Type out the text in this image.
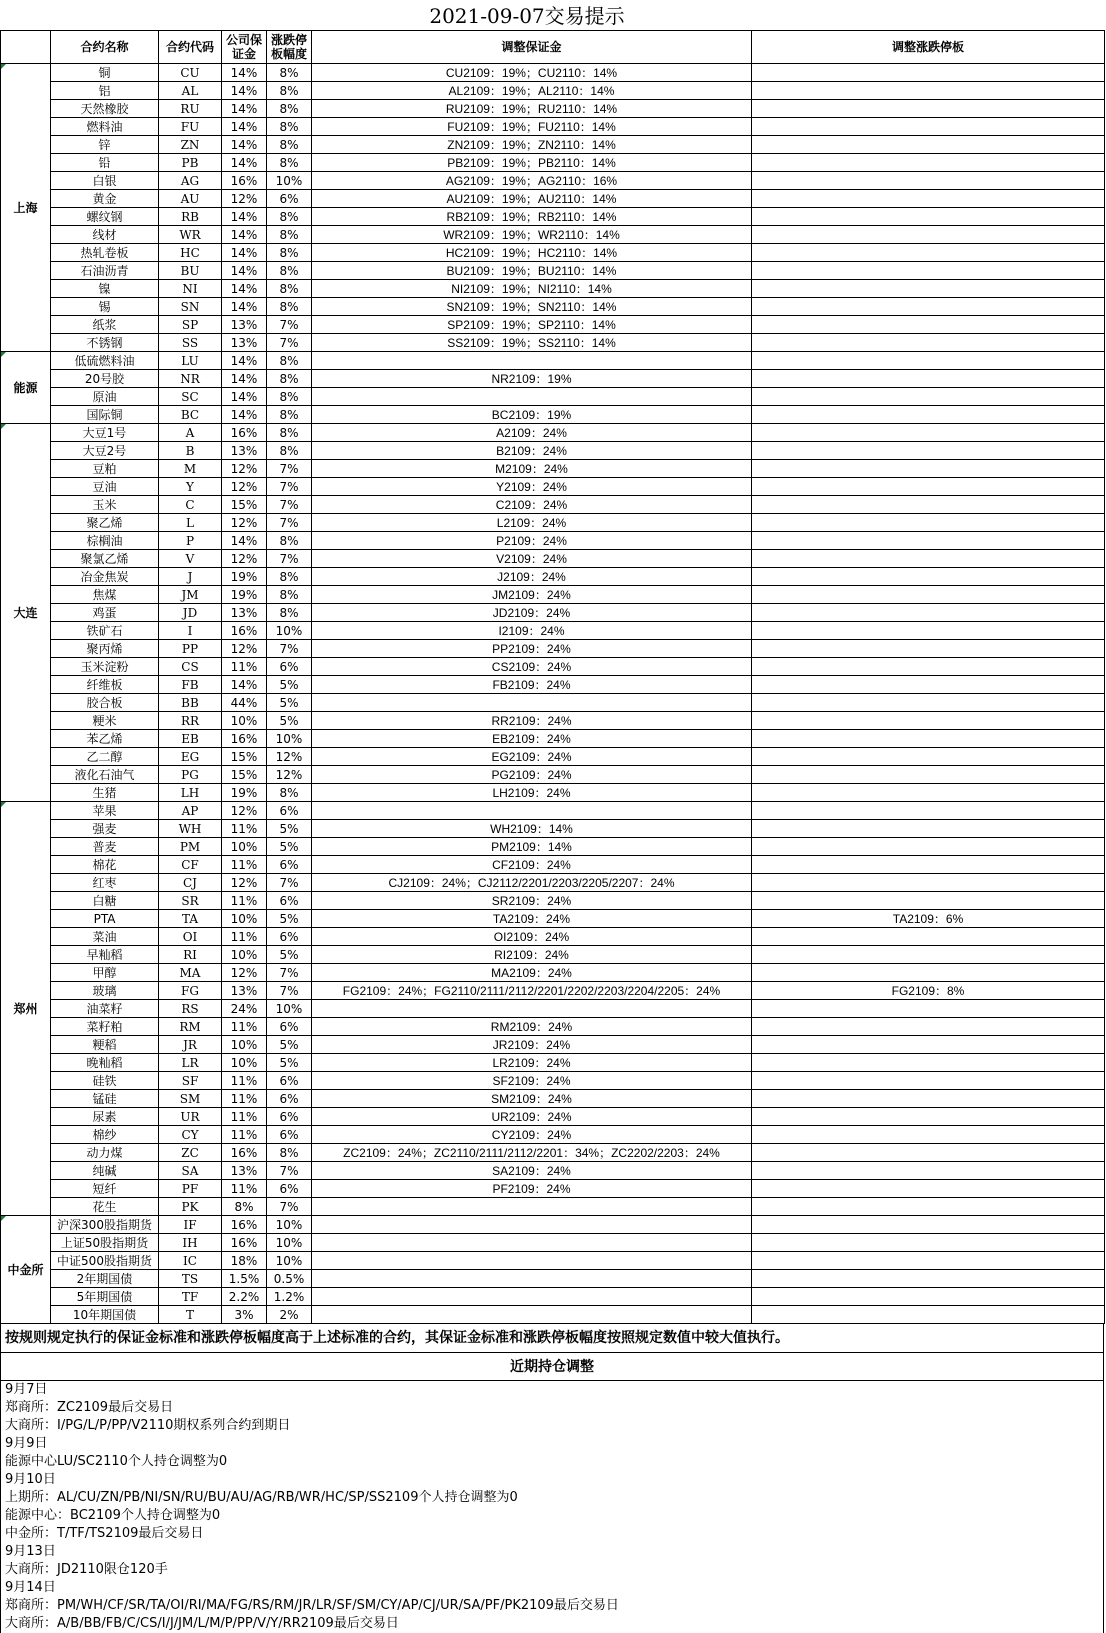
2021-09-07交易提示
	合约名称	合约代码	公司保证金	涨跌停板幅度	调整保证金	调整涨跌停板

上海	铜	CU	14%	8%	CU2109：19%；CU2110：14%	
	铝	AL	14%	8%	AL2109：19%；AL2110：14%	
	天然橡胶	RU	14%	8%	RU2109：19%；RU2110：14%	
	燃料油	FU	14%	8%	FU2109：19%；FU2110：14%	
	锌	ZN	14%	8%	ZN2109：19%；ZN2110：14%	
	铅	PB	14%	8%	PB2109：19%；PB2110：14%	
	白银	AG	16%	10%	AG2109：19%；AG2110：16%	
	黄金	AU	12%	6%	AU2109：19%；AU2110：14%	
	螺纹钢	RB	14%	8%	RB2109：19%；RB2110：14%	
	线材	WR	14%	8%	WR2109：19%；WR2110：14%	
	热轧卷板	HC	14%	8%	HC2109：19%；HC2110：14%	
	石油沥青	BU	14%	8%	BU2109：19%；BU2110：14%	
	镍	NI	14%	8%	NI2109：19%；NI2110：14%	
	锡	SN	14%	8%	SN2109：19%；SN2110：14%	
	纸浆	SP	13%	7%	SP2109：19%；SP2110：14%	
	不锈钢	SS	13%	7%	SS2109：19%；SS2110：14%	

能源	低硫燃料油	LU	14%	8%		
	20号胶	NR	14%	8%	NR2109：19%	
	原油	SC	14%	8%		
	国际铜	BC	14%	8%	BC2109：19%	

大连	大豆1号	A	16%	8%	A2109：24%	
	大豆2号	B	13%	8%	B2109：24%	
	豆粕	M	12%	7%	M2109：24%	
	豆油	Y	12%	7%	Y2109：24%	
	玉米	C	15%	7%	C2109：24%	
	聚乙烯	L	12%	7%	L2109：24%	
	棕榈油	P	14%	8%	P2109：24%	
	聚氯乙烯	V	12%	7%	V2109：24%	
	冶金焦炭	J	19%	8%	J2109：24%	
	焦煤	JM	19%	8%	JM2109：24%	
	鸡蛋	JD	13%	8%	JD2109：24%	
	铁矿石	I	16%	10%	I2109：24%	
	聚丙烯	PP	12%	7%	PP2109：24%	
	玉米淀粉	CS	11%	6%	CS2109：24%	
	纤维板	FB	14%	5%	FB2109：24%	
	胶合板	BB	44%	5%		
	粳米	RR	10%	5%	RR2109：24%	
	苯乙烯	EB	16%	10%	EB2109：24%	
	乙二醇	EG	15%	12%	EG2109：24%	
	液化石油气	PG	15%	12%	PG2109：24%	
	生猪	LH	19%	8%	LH2109：24%	

郑州	苹果	AP	12%	6%		
	强麦	WH	11%	5%	WH2109：14%	
	普麦	PM	10%	5%	PM2109：14%	
	棉花	CF	11%	6%	CF2109：24%	
	红枣	CJ	12%	7%	CJ2109：24%；CJ2112/2201/2203/2205/2207：24%	
	白糖	SR	11%	6%	SR2109：24%	
	PTA	TA	10%	5%	TA2109：24%	TA2109：6%
	菜油	OI	11%	6%	OI2109：24%	
	早籼稻	RI	10%	5%	RI2109：24%	
	甲醇	MA	12%	7%	MA2109：24%	
	玻璃	FG	13%	7%	FG2109：24%；FG2110/2111/2112/2201/2202/2203/2204/2205：24%	FG2109：8%
	油菜籽	RS	24%	10%		
	菜籽粕	RM	11%	6%	RM2109：24%	
	粳稻	JR	10%	5%	JR2109：24%	
	晚籼稻	LR	10%	5%	LR2109：24%	
	硅铁	SF	11%	6%	SF2109：24%	
	锰硅	SM	11%	6%	SM2109：24%	
	尿素	UR	11%	6%	UR2109：24%	
	棉纱	CY	11%	6%	CY2109：24%	
	动力煤	ZC	16%	8%	ZC2109：24%；ZC2110/2111/2112/2201：34%；ZC2202/2203：24%	
	纯碱	SA	13%	7%	SA2109：24%	
	短纤	PF	11%	6%	PF2109：24%	
	花生	PK	8%	7%		

中金所	沪深300股指期货	IF	16%	10%		
	上证50股指期货	IH	16%	10%		
	中证500股指期货	IC	18%	10%		
	2年期国债	TS	1.5%	0.5%		
	5年期国债	TF	2.2%	1.2%		
	10年期国债	T	3%	2%		
按规则规定执行的保证金标准和涨跌停板幅度高于上述标准的合约，其保证金标准和涨跌停板幅度按照规定数值中较大值执行。
近期持仓调整
9月7日
郑商所：ZC2109最后交易日
大商所：I/PG/L/P/PP/V2110期权系列合约到期日
9月9日
能源中心LU/SC2110个人持仓调整为0
9月10日
上期所：AL/CU/ZN/PB/NI/SN/RU/BU/AU/AG/RB/WR/HC/SP/SS2109个人持仓调整为0
能源中心：BC2109个人持仓调整为0
中金所：T/TF/TS2109最后交易日
9月13日
大商所：JD2110限仓120手
9月14日
郑商所：PM/WH/CF/SR/TA/OI/RI/MA/FG/RS/RM/JR/LR/SF/SM/CY/AP/CJ/UR/SA/PF/PK2109最后交易日
大商所：A/B/BB/FB/C/CS/I/J/JM/L/M/P/PP/V/Y/RR2109最后交易日
